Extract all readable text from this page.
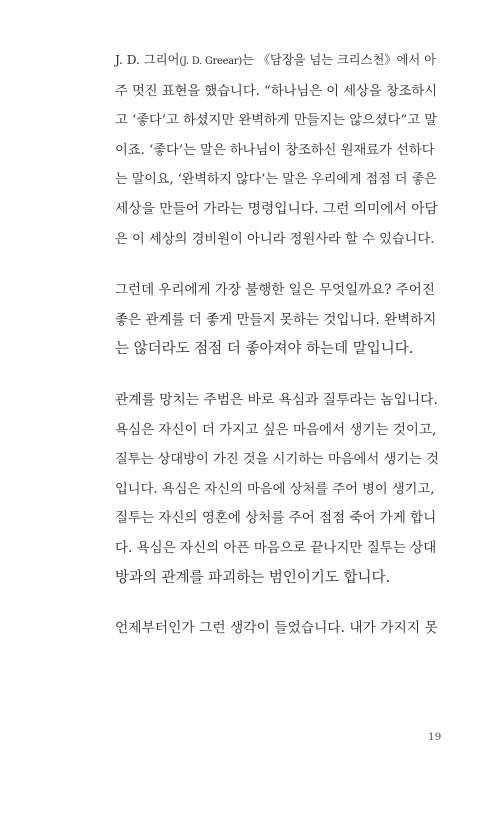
J. D. 그리어(J. D. Greear)는 《담장을 넘는 크리스천》에서 아
주 멋진 표현을 했습니다. “하나님은 이 세상을 창조하시
고 ‘좋다’고 하셨지만 완벽하게 만들지는 않으셨다”고 말
이죠. ‘좋다’는 말은 하나님이 창조하신 원재료가 선하다
는 말이요, ‘완벽하지 않다’는 말은 우리에게 점점 더 좋은
세상을 만들어 가라는 명령입니다. 그런 의미에서 아담
은 이 세상의 경비원이 아니라 정원사라 할 수 있습니다.

그런데 우리에게 가장 불행한 일은 무엇일까요? 주어진
좋은 관계를 더 좋게 만들지 못하는 것입니다. 완벽하지
는 않더라도 점점 더 좋아져야 하는데 말입니다.

관계를 망치는 주범은 바로 욕심과 질투라는 놈입니다.
욕심은 자신이 더 가지고 싶은 마음에서 생기는 것이고,
질투는 상대방이 가진 것을 시기하는 마음에서 생기는 것
입니다. 욕심은 자신의 마음에 상처를 주어 병이 생기고,
질투는 자신의 영혼에 상처를 주어 점점 죽어 가게 합니
다. 욕심은 자신의 아픈 마음으로 끝나지만 질투는 상대
방과의 관계를 파괴하는 범인이기도 합니다.

언제부터인가 그런 생각이 들었습니다. 내가 가지지 못

19
